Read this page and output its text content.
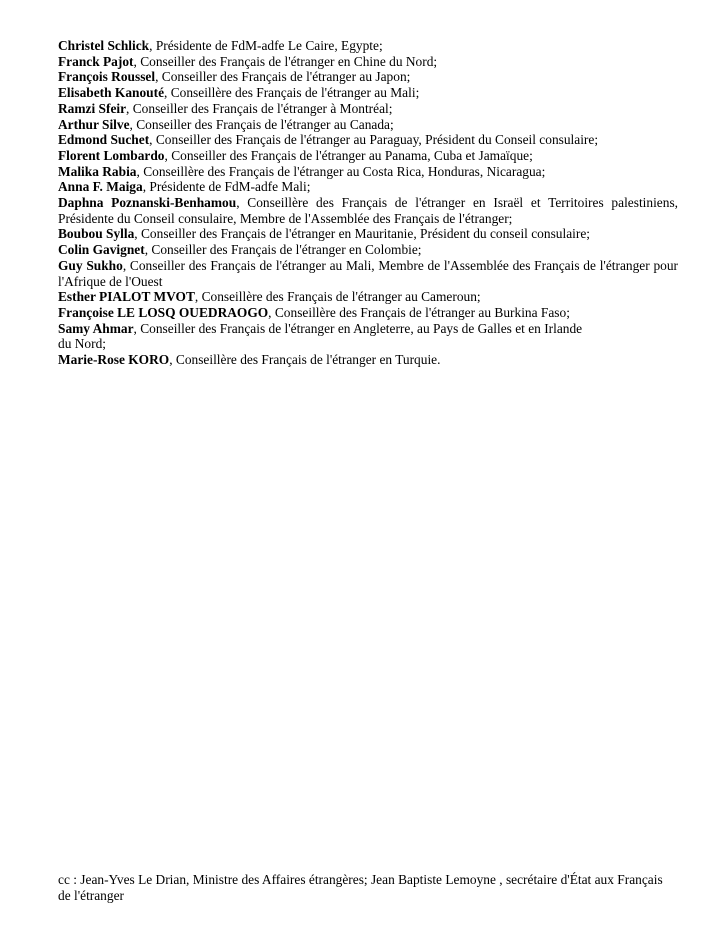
Christel Schlick, Présidente de FdM-adfe Le Caire, Egypte;

Franck Pajot, Conseiller des Français de l'étranger en Chine du Nord;

François Roussel, Conseiller des Français de l'étranger au Japon;

Elisabeth Kanouté, Conseillère des Français de l'étranger au Mali;

Ramzi Sfeir, Conseiller des Français de l'étranger à Montréal;

Arthur Silve, Conseiller des Français de l'étranger au Canada;

Edmond Suchet, Conseiller des Français de l'étranger au Paraguay, Président du Conseil consulaire;

Florent Lombardo, Conseiller des Français de l'étranger au Panama, Cuba et Jamaïque;

Malika Rabia, Conseillère des Français de l'étranger au Costa Rica, Honduras, Nicaragua;

Anna F. Maiga, Présidente de FdM-adfe Mali;

Daphna Poznanski-Benhamou, Conseillère des Français de l'étranger en Israël et Territoires palestiniens, Présidente du Conseil consulaire, Membre de l'Assemblée des Français de l'étranger;

Boubou Sylla, Conseiller des Français de l'étranger en Mauritanie, Président du conseil consulaire;

Colin Gavignet, Conseiller des Français de l'étranger en Colombie;

Guy Sukho, Conseiller des Français de l'étranger au Mali, Membre de l'Assemblée des Français de l'étranger pour l'Afrique de l'Ouest

Esther PIALOT MVOT, Conseillère des Français de l'étranger au Cameroun;

Françoise LE LOSQ OUEDRAOGO, Conseillère des Français de l'étranger au Burkina Faso;

Samy Ahmar, Conseiller des Français de l'étranger en Angleterre, au Pays de Galles et en Irlande du Nord;

Marie-Rose KORO, Conseillère des Français de l'étranger en Turquie.

cc : Jean-Yves Le Drian, Ministre des Affaires étrangères; Jean Baptiste Lemoyne , secrétaire d'État aux Français de l'étranger
